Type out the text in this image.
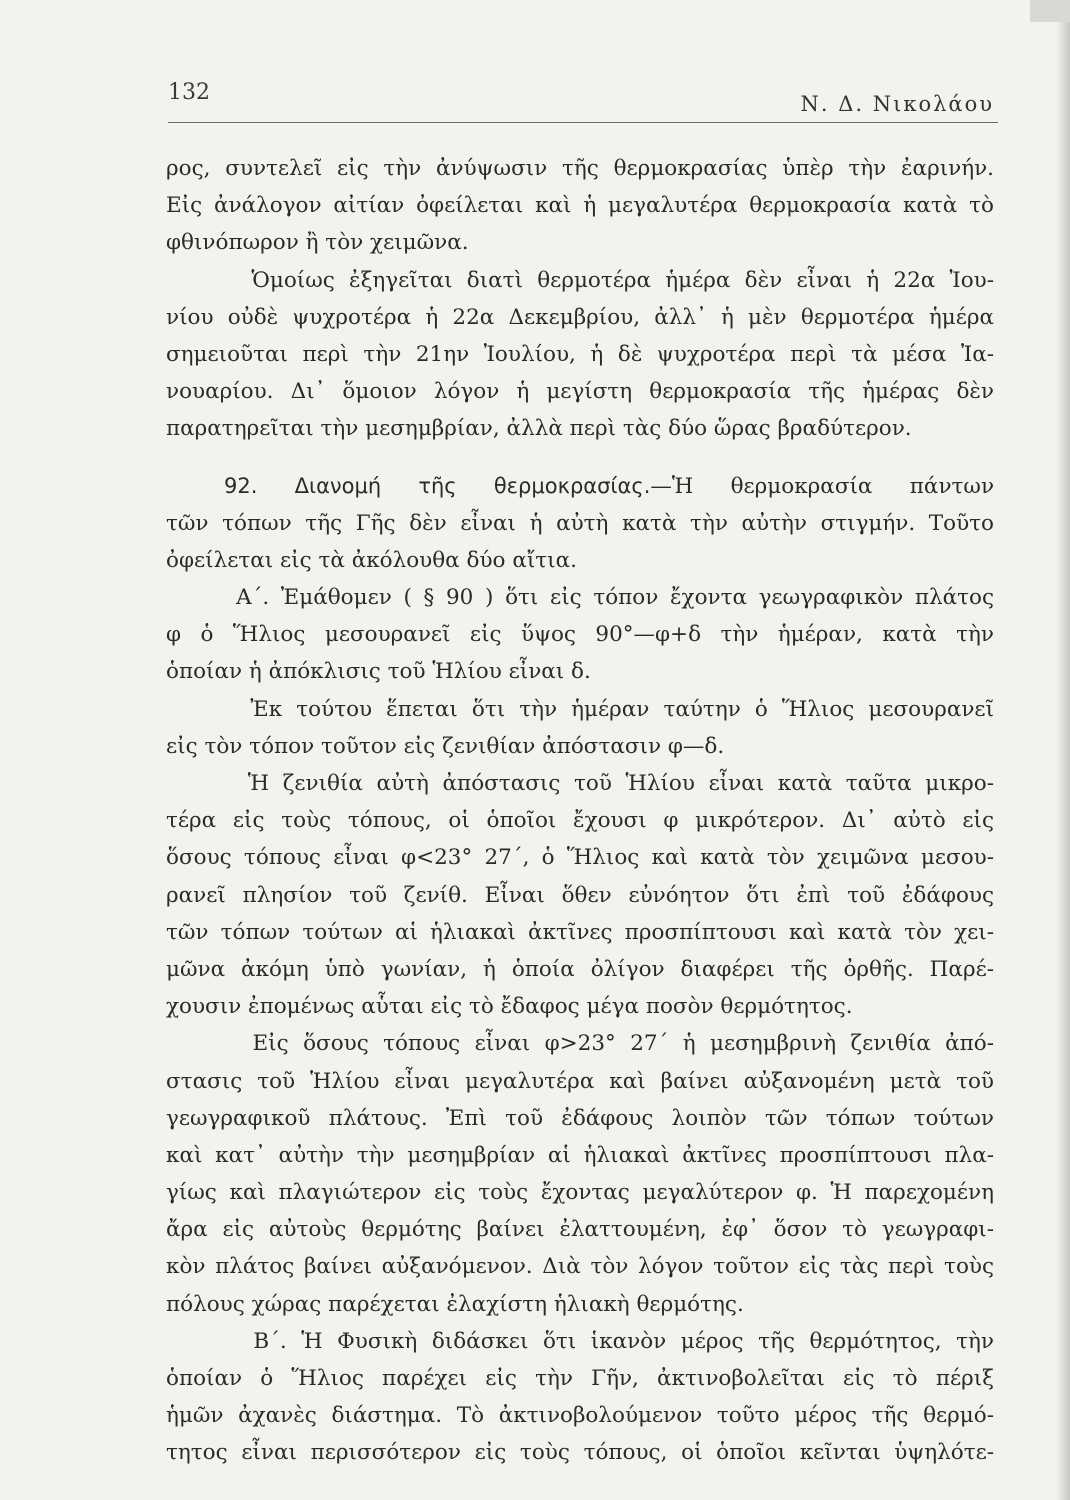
132	Ν. Δ. Νικολάου
ρος, συντελεῖ εἰς τὴν ἀνύψωσιν τῆς θερμοκρασίας ὑπὲρ τὴν ἐαρινήν.
Εἰς ἀνάλογον αἰτίαν ὀφείλεται καὶ ἡ μεγαλυτέρα θερμοκρασία κατὰ τὸ
φθινόπωρον ἢ τὸν χειμῶνα.
Ὁμοίως ἐξηγεῖται διατὶ θερμοτέρα ἡμέρα δὲν εἶναι ἡ 22α Ἰου-
νίου οὐδὲ ψυχροτέρα ἡ 22α Δεκεμβρίου, ἀλλ᾽ ἡ μὲν θερμοτέρα ἡμέρα
σημειοῦται περὶ τὴν 21ην Ἰουλίου, ἡ δὲ ψυχροτέρα περὶ τὰ μέσα Ἰα-
νουαρίου. Δι᾽ ὅμοιον λόγον ἡ μεγίστη θερμοκρασία τῆς ἡμέρας δὲν
παρατηρεῖται τὴν μεσημβρίαν, ἀλλὰ περὶ τὰς δύο ὥρας βραδύτερον.
92. Διανομή τῆς θερμοκρασίας.—Ἡ θερμοκρασία πάντων
τῶν τόπων τῆς Γῆς δὲν εἶναι ἡ αὐτὴ κατὰ τὴν αὐτὴν στιγμήν. Τοῦτο
ὀφείλεται εἰς τὰ ἀκόλουθα δύο αἴτια.
Α΄. Ἐμάθομεν ( § 90 ) ὅτι εἰς τόπον ἔχοντα γεωγραφικὸν πλάτος
φ ὁ Ἥλιος μεσουρανεῖ εἰς ὕψος 90°—φ+δ τὴν ἡμέραν, κατὰ τὴν
ὁποίαν ἡ ἀπόκλισις τοῦ Ἡλίου εἶναι δ.
Ἐκ τούτου ἕπεται ὅτι τὴν ἡμέραν ταύτην ὁ Ἥλιος μεσουρανεῖ
εἰς τὸν τόπον τοῦτον εἰς ζενιθίαν ἀπόστασιν φ—δ.
Ἡ ζενιθία αὐτὴ ἀπόστασις τοῦ Ἡλίου εἶναι κατὰ ταῦτα μικρο-
τέρα εἰς τοὺς τόπους, οἱ ὁποῖοι ἔχουσι φ μικρότερον. Δι᾽ αὐτὸ εἰς
ὅσους τόπους εἶναι φ<23° 27΄, ὁ Ἥλιος καὶ κατὰ τὸν χειμῶνα μεσου-
ρανεῖ πλησίον τοῦ ζενίθ. Εἶναι ὅθεν εὐνόητον ὅτι ἐπὶ τοῦ ἐδάφους
τῶν τόπων τούτων αἱ ἡλιακαὶ ἀκτῖνες προσπίπτουσι καὶ κατὰ τὸν χει-
μῶνα ἀκόμη ὑπὸ γωνίαν, ἡ ὁποία ὀλίγον διαφέρει τῆς ὀρθῆς. Παρέ-
χουσιν ἐπομένως αὗται εἰς τὸ ἔδαφος μέγα ποσὸν θερμότητος.
Εἰς ὅσους τόπους εἶναι φ>23° 27΄ ἡ μεσημβρινὴ ζενιθία ἀπό-
στασις τοῦ Ἡλίου εἶναι μεγαλυτέρα καὶ βαίνει αὐξανομένη μετὰ τοῦ
γεωγραφικοῦ πλάτους. Ἐπὶ τοῦ ἐδάφους λοιπὸν τῶν τόπων τούτων
καὶ κατ᾽ αὐτὴν τὴν μεσημβρίαν αἱ ἡλιακαὶ ἀκτῖνες προσπίπτουσι πλα-
γίως καὶ πλαγιώτερον εἰς τοὺς ἔχοντας μεγαλύτερον φ. Ἡ παρεχομένη
ἄρα εἰς αὐτοὺς θερμότης βαίνει ἐλαττουμένη, ἐφ᾽ ὅσον τὸ γεωγραφι-
κὸν πλάτος βαίνει αὐξανόμενον. Διὰ τὸν λόγον τοῦτον εἰς τὰς περὶ τοὺς
πόλους χώρας παρέχεται ἐλαχίστη ἡλιακὴ θερμότης.
Β΄. Ἡ Φυσικὴ διδάσκει ὅτι ἱκανὸν μέρος τῆς θερμότητος, τὴν
ὁποίαν ὁ Ἥλιος παρέχει εἰς τὴν Γῆν, ἀκτινοβολεῖται εἰς τὸ πέριξ
ἡμῶν ἀχανὲς διάστημα. Τὸ ἀκτινοβολούμενον τοῦτο μέρος τῆς θερμό-
τητος εἶναι περισσότερον εἰς τοὺς τόπους, οἱ ὁποῖοι κεῖνται ὑψηλότε-
